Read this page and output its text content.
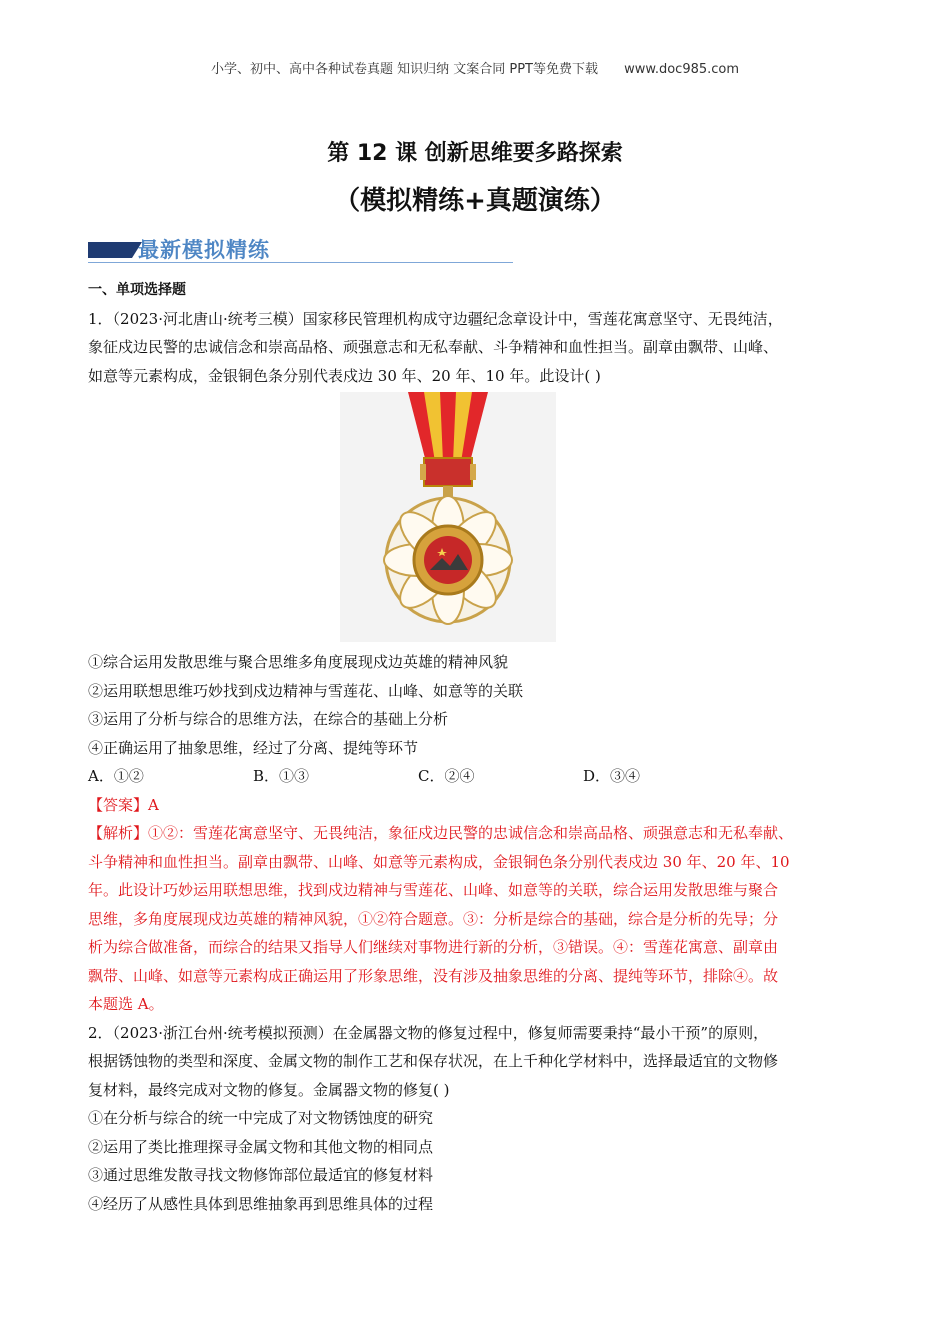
小学、初中、高中各种试卷真题 知识归纳 文案合同 PPT等免费下载 www.doc985.com
第 12 课 创新思维要多路探索
（模拟精练+真题演练）
最新模拟精练

一、单项选择题

1．（2023·河北唐山·统考三模）国家移民管理机构成守边疆纪念章设计中，雪莲花寓意坚守、无畏纯洁，

象征戍边民警的忠诚信念和崇高品格、顽强意志和无私奉献、斗争精神和血性担当。副章由飘带、山峰、

如意等元素构成，金银铜色条分别代表戍边 30 年、20 年、10 年。此设计( )

①综合运用发散思维与聚合思维多角度展现戍边英雄的精神风貌

②运用联想思维巧妙找到戍边精神与雪莲花、山峰、如意等的关联

③运用了分析与综合的思维方法，在综合的基础上分析

④正确运用了抽象思维，经过了分离、提纯等环节

A．①②	B．①③	C．②④	D．③④

【答案】A

【解析】①②：雪莲花寓意坚守、无畏纯洁，象征戍边民警的忠诚信念和崇高品格、顽强意志和无私奉献、

斗争精神和血性担当。副章由飘带、山峰、如意等元素构成，金银铜色条分别代表戍边 30 年、20 年、10

年。此设计巧妙运用联想思维，找到戍边精神与雪莲花、山峰、如意等的关联，综合运用发散思维与聚合

思维，多角度展现戍边英雄的精神风貌，①②符合题意。③：分析是综合的基础，综合是分析的先导；分

析为综合做准备，而综合的结果又指导人们继续对事物进行新的分析，③错误。④：雪莲花寓意、副章由

飘带、山峰、如意等元素构成正确运用了形象思维，没有涉及抽象思维的分离、提纯等环节，排除④。故

本题选 A。

2．（2023·浙江台州·统考模拟预测）在金属器文物的修复过程中，修复师需要秉持“最小干预”的原则，

根据锈蚀物的类型和深度、金属文物的制作工艺和保存状况，在上千种化学材料中，选择最适宜的文物修

复材料，最终完成对文物的修复。金属器文物的修复( )

①在分析与综合的统一中完成了对文物锈蚀度的研究

②运用了类比推理探寻金属文物和其他文物的相同点

③通过思维发散寻找文物修饰部位最适宜的修复材料

④经历了从感性具体到思维抽象再到思维具体的过程
